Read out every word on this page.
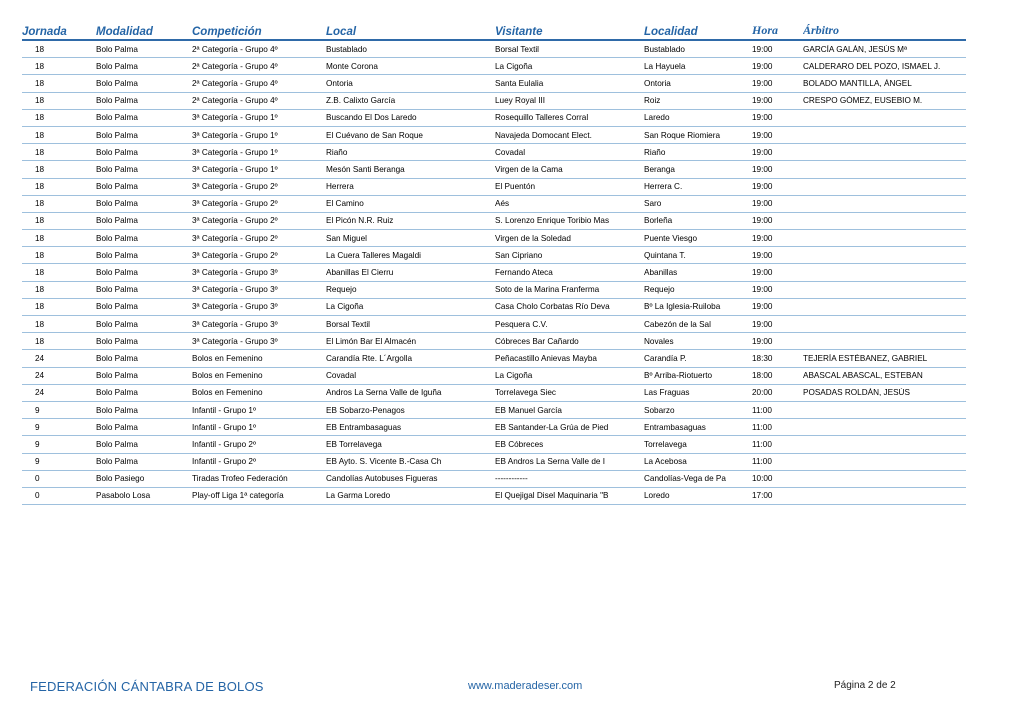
Jornada	Modalidad	Competición	Local	Visitante	Localidad	Hora	Árbitro
18	Bolo Palma	2ª Categoría - Grupo 4º	Bustablado	Borsal Textil	Bustablado	19:00	GARCÍA GALÁN, JESÚS Mª
18	Bolo Palma	2ª Categoría - Grupo 4º	Monte Corona	La Cigoña	La Hayuela	19:00	CALDERARO DEL POZO, ISMAEL J.
18	Bolo Palma	2ª Categoría - Grupo 4º	Ontoria	Santa Eulalia	Ontoria	19:00	BOLADO MANTILLA, ÁNGEL
18	Bolo Palma	2ª Categoría - Grupo 4º	Z.B. Calixto García	Luey Royal III	Roiz	19:00	CRESPO GÓMEZ, EUSEBIO M.
18	Bolo Palma	3ª Categoría - Grupo 1º	Buscando El Dos Laredo	Rosequillo Talleres Corral	Laredo	19:00
18	Bolo Palma	3ª Categoría - Grupo 1º	El Cuévano de San Roque	Navajeda Domocant Elect.	San Roque Riomiera	19:00
18	Bolo Palma	3ª Categoría - Grupo 1º	Riaño	Covadal	Riaño	19:00
18	Bolo Palma	3ª Categoría - Grupo 1º	Mesón Santi Beranga	Virgen de la Cama	Beranga	19:00
18	Bolo Palma	3ª Categoría - Grupo 2º	Herrera	El Puentón	Herrera C.	19:00
18	Bolo Palma	3ª Categoría - Grupo 2º	El Camino	Aés	Saro	19:00
18	Bolo Palma	3ª Categoría - Grupo 2º	El Picón N.R. Ruiz	S. Lorenzo Enrique Toribio Mas	Borleña	19:00
18	Bolo Palma	3ª Categoría - Grupo 2º	San Miguel	Virgen de la Soledad	Puente Viesgo	19:00
18	Bolo Palma	3ª Categoría - Grupo 2º	La Cuera Talleres Magaldi	San Cipriano	Quintana T.	19:00
18	Bolo Palma	3ª Categoría - Grupo 3º	Abanillas El Cierru	Fernando Ateca	Abanillas	19:00
18	Bolo Palma	3ª Categoría - Grupo 3º	Requejo	Soto de la Marina Franferma	Requejo	19:00
18	Bolo Palma	3ª Categoría - Grupo 3º	La Cigoña	Casa Cholo Corbatas Río Deva	Bº La Iglesia-Ruiloba	19:00
18	Bolo Palma	3ª Categoría - Grupo 3º	Borsal Textil	Pesquera C.V.	Cabezón de la Sal	19:00
18	Bolo Palma	3ª Categoría - Grupo 3º	El Limón Bar El Almacén	Cóbreces Bar Cañardo	Novales	19:00
24	Bolo Palma	Bolos en Femenino	Carandía Rte. L´Argolla	Peñacastillo Anievas Mayba	Carandía P.	18:30	TEJERÍA ESTÉBANEZ, GABRIEL
24	Bolo Palma	Bolos en Femenino	Covadal	La Cigoña	Bº Arriba-Riotuerto	18:00	ABASCAL ABASCAL, ESTEBAN
24	Bolo Palma	Bolos en Femenino	Andros La Serna Valle de Iguña	Torrelavega Siec	Las Fraguas	20:00	POSADAS ROLDÁN, JESÚS
9	Bolo Palma	Infantil - Grupo 1º	EB Sobarzo-Penagos	EB Manuel García	Sobarzo	11:00
9	Bolo Palma	Infantil - Grupo 1º	EB Entrambasaguas	EB Santander-La Grúa de Pied	Entrambasaguas	11:00
9	Bolo Palma	Infantil - Grupo 2º	EB Torrelavega	EB Cóbreces	Torrelavega	11:00
9	Bolo Palma	Infantil - Grupo 2º	EB Ayto. S. Vicente B.-Casa Ch	EB Andros La Serna Valle de I	La Acebosa	11:00
0	Bolo Pasiego	Tiradas Trofeo Federación	Candolías Autobuses Figueras	------------	Candolías-Vega de Pa	10:00
0	Pasabolo Losa	Play-off Liga 1ª categoría	La Garma Loredo	El Quejigal Disel Maquinaria "B	Loredo	17:00
FEDERACIÓN CÁNTABRA DE BOLOS	www.maderadeser.com	Página 2 de 2
